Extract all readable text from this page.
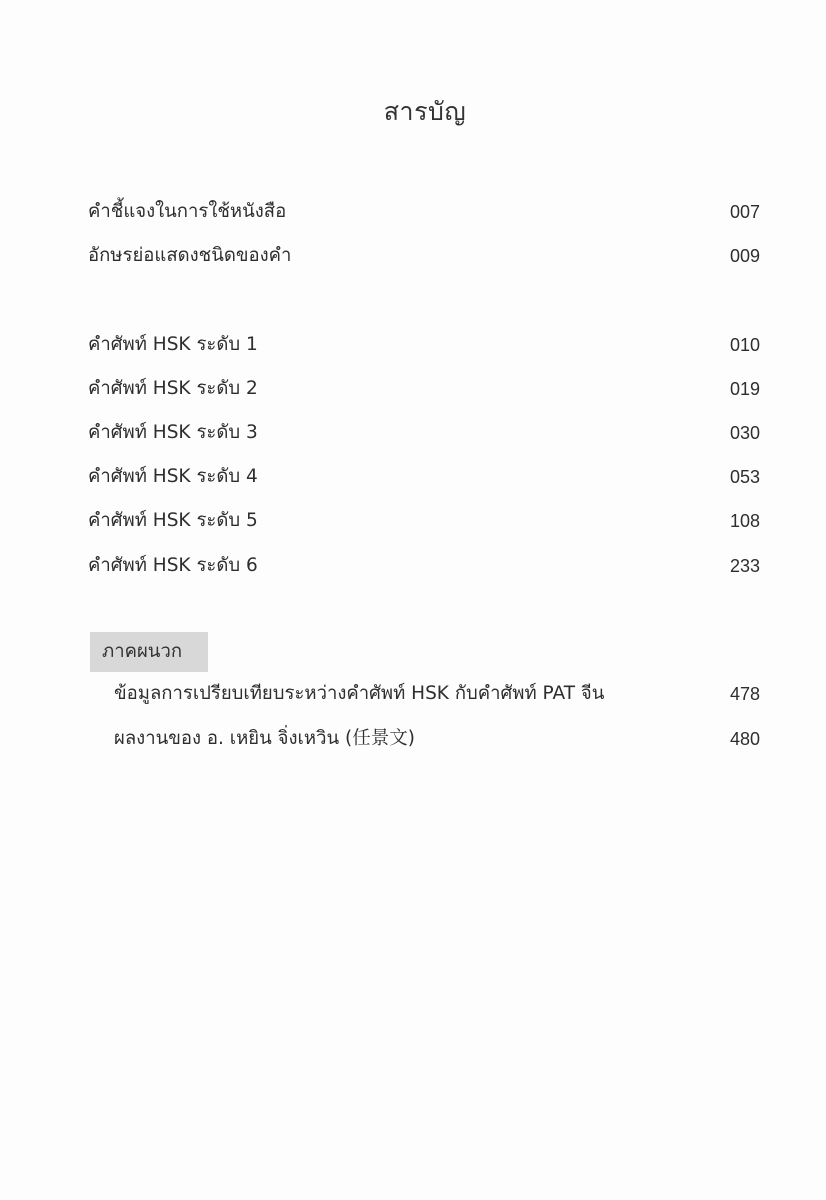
สารบัญ
คำชี้แจงในการใช้หนังสือ	007
อักษรย่อแสดงชนิดของคำ	009
คำศัพท์ HSK ระดับ 1	010
คำศัพท์ HSK ระดับ 2	019
คำศัพท์ HSK ระดับ 3	030
คำศัพท์ HSK ระดับ 4	053
คำศัพท์ HSK ระดับ 5	108
คำศัพท์ HSK ระดับ 6	233
ภาคผนวก
ข้อมูลการเปรียบเทียบระหว่างคำศัพท์ HSK กับคำศัพท์ PAT จีน	478
ผลงานของ อ. เหยิน จิ่งเหวิน (任景文)	480
